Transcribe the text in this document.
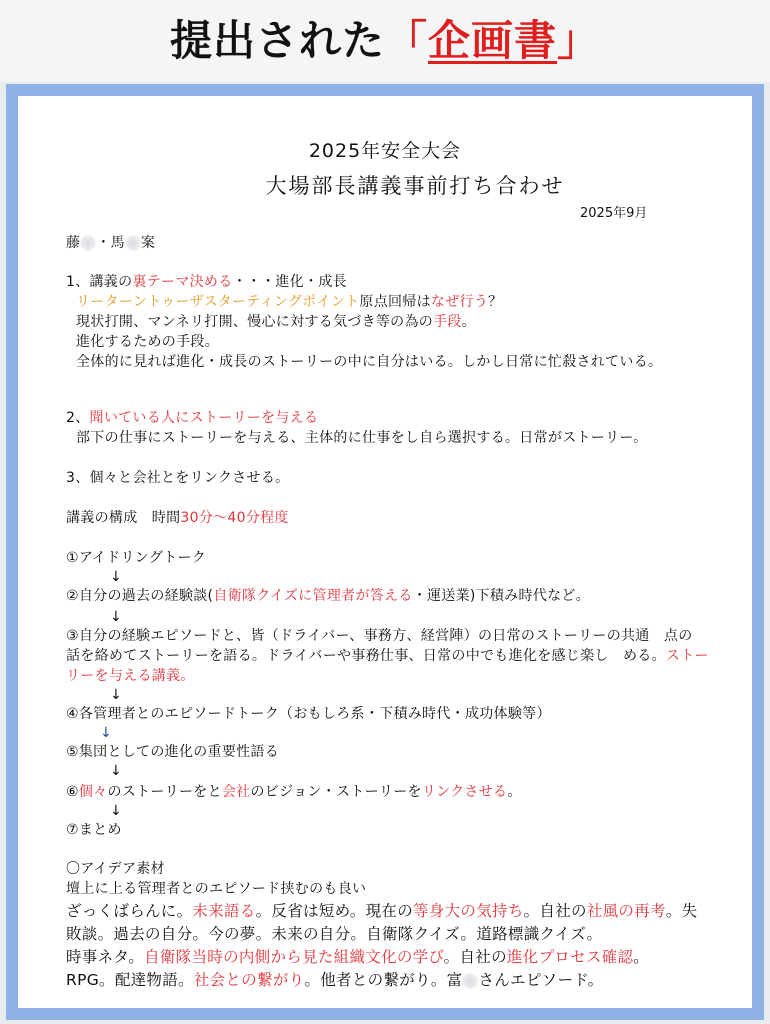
提出された「企画書」
2025年安全大会
大場部長講義事前打ち合わせ
2025年9月
藤 ・馬 案
1、講義の裏テーマ決める・・・進化・成長
リーターントゥーザスターティングポイント原点回帰はなぜ行う？
現状打開、マンネリ打開、慢心に対する気づき等の為の手段。
進化するための手段。
全体的に見れば進化・成長のストーリーの中に自分はいる。しかし日常に忙殺されている。
2、聞いている人にストーリーを与える
部下の仕事にストーリーを与える、主体的に仕事をし自ら選択する。日常がストーリー。
3、個々と会社とをリンクさせる。
講義の構成　時間30分～40分程度
①アイドリングトーク
↓
②自分の過去の経験談(自衛隊クイズに管理者が答える・運送業)下積み時代など。
↓
③自分の経験エピソードと、皆（ドライバー、事務方、経営陣）の日常のストーリーの共通　点の
話を絡めてストーリーを語る。ドライバーや事務仕事、日常の中でも進化を感じ楽し　める。ストー
リーを与える講義。
↓
④各管理者とのエピソードトーク（おもしろ系・下積み時代・成功体験等）
↓
⑤集団としての進化の重要性語る
↓
⑥個々のストーリーをと会社のビジョン・ストーリーをリンクさせる。
↓
⑦まとめ
〇アイデア素材
壇上に上る管理者とのエピソード挟むのも良い
ざっくばらんに。未来語る。反省は短め。現在の等身大の気持ち。自社の社風の再考。失
敗談。過去の自分。今の夢。未来の自分。自衛隊クイズ。道路標識クイズ。
時事ネタ。自衛隊当時の内側から見た組織文化の学び。自社の進化プロセス確認。
RPG。配達物語。社会との繋がり。他者との繋がり。富 さんエピソード。
